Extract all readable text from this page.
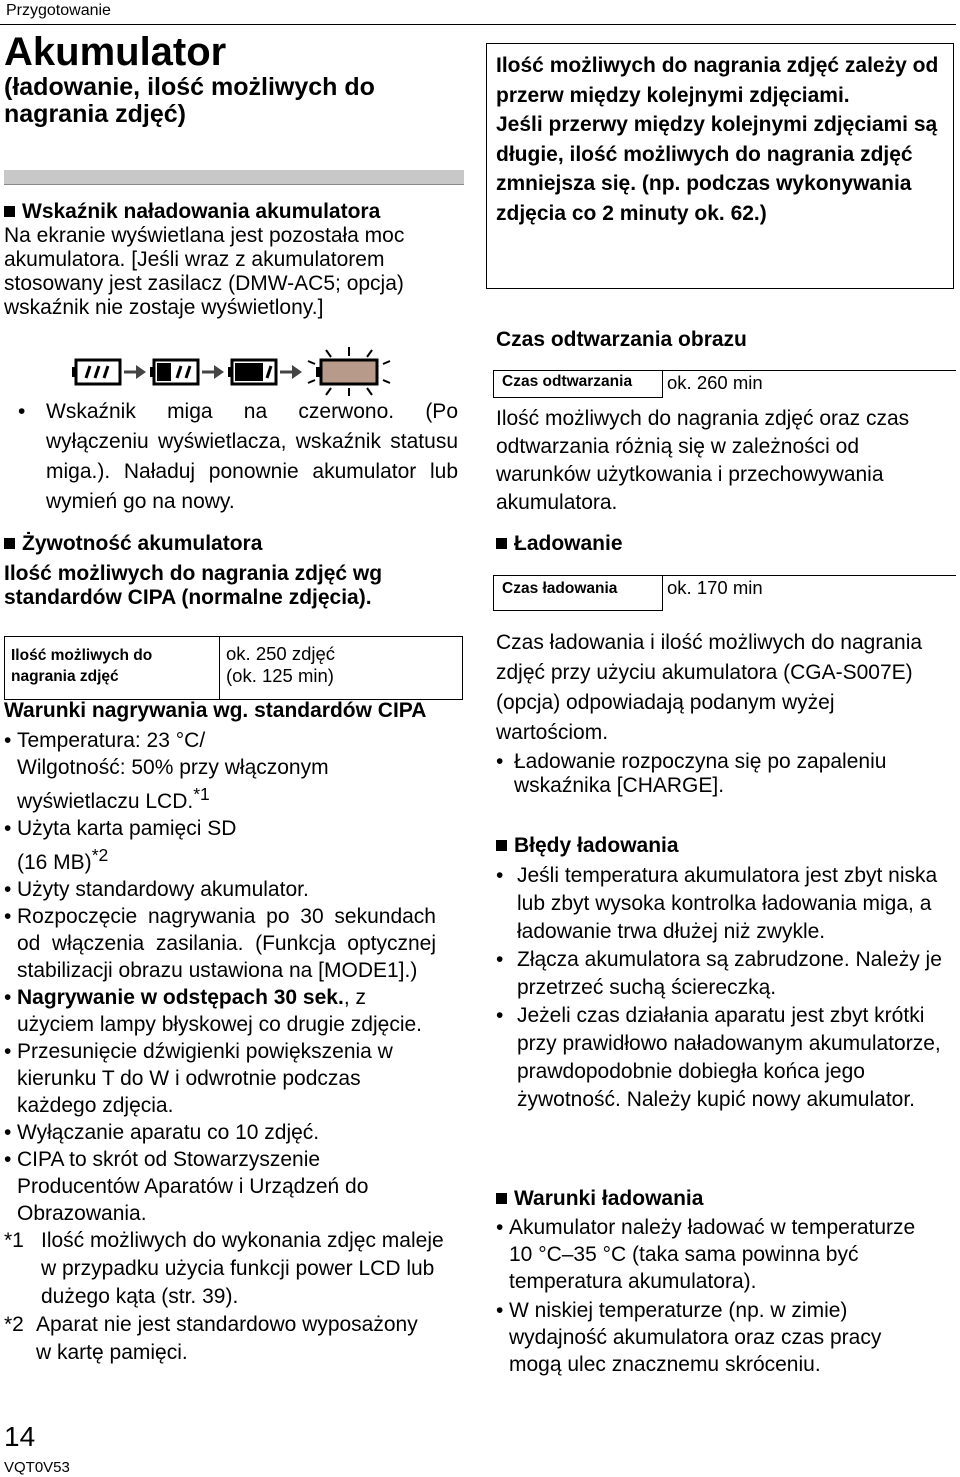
Przygotowanie
Akumulator
(ładowanie, ilość możliwych do nagrania zdjęć)
Wskaźnik naładowania akumulatora
Na ekranie wyświetlana jest pozostała moc akumulatora. [Jeśli wraz z akumulatorem stosowany jest zasilacz (DMW-AC5; opcja) wskaźnik nie zostaje wyświetlony.]
• Wskaźnik miga na czerwono. (Po wyłączeniu wyświetlacza, wskaźnik statusu miga.). Naładuj ponownie akumulator lub wymień go na nowy.
Żywotność akumulatora
Ilość możliwych do nagrania zdjęć wg standardów CIPA (normalne zdjęcia).
Ilość możliwych do nagrania zdjęć	
ok. 250 zdjęć
(ok. 125 min)
Warunki nagrywania wg. standardów CIPA
• Temperatura: 23 °C/
Wilgotność: 50% przy włączonym
wyświetlaczu LCD.$^{*1}$
• Użyta karta pamięci SD
(16 MB)$^{*2}$
• Użyty standardowy akumulator.
• Rozpoczęcie nagrywania po 30 sekundach od włączenia zasilania. (Funkcja optycznej stabilizacji obrazu ustawiona na [MODE1].)
• Nagrywanie w odstępach 30 sek., z użyciem lampy błyskowej co drugie zdjęcie.
• Przesunięcie dźwigienki powiększenia w kierunku T do W i odwrotnie podczas każdego zdjęcia.
• Wyłączanie aparatu co 10 zdjęć.
• CIPA to skrót od Stowarzyszenie Producentów Aparatów i Urządzeń do Obrazowania.
*1 Ilość możliwych do wykonania zdjęc maleje w przypadku użycia funkcji power LCD lub dużego kąta (str. 39).
*2 Aparat nie jest standardowo wyposażony w kartę pamięci.
14
VQT0V53
Ilość możliwych do nagrania zdjęć zależy od przerw między kolejnymi zdjęciami.
Jeśli przerwy między kolejnymi zdjęciami są długie, ilość możliwych do nagrania zdjęć zmniejsza się. (np. podczas wykonywania zdjęcia co 2 minuty ok. 62.)
Czas odtwarzania obrazu
Czas odtwarzania	ok. 260 min
Ilość możliwych do nagrania zdjęć oraz czas odtwarzania różnią się w zależności od warunków użytkowania i przechowywania akumulatora.
Ładowanie
Czas ładowania	ok. 170 min
Czas ładowania i ilość możliwych do nagrania zdjęć przy użyciu akumulatora (CGA-S007E) (opcja) odpowiadają podanym wyżej wartościom.
• Ładowanie rozpoczyna się po zapaleniu wskaźnika [CHARGE].
Błędy ładowania
• Jeśli temperatura akumulatora jest zbyt niska lub zbyt wysoka kontrolka ładowania miga, a ładowanie trwa dłużej niż zwykle.
• Złącza akumulatora są zabrudzone. Należy je przetrzeć suchą ściereczką.
• Jeżeli czas działania aparatu jest zbyt krótki przy prawidłowo naładowanym akumulatorze, prawdopodobnie dobiegła końca jego żywotność. Należy kupić nowy akumulator.
Warunki ładowania
• Akumulator należy ładować w temperaturze 10 °C–35 °C (taka sama powinna być temperatura akumulatora).
• W niskiej temperaturze (np. w zimie) wydajność akumulatora oraz czas pracy mogą ulec znacznemu skróceniu.
